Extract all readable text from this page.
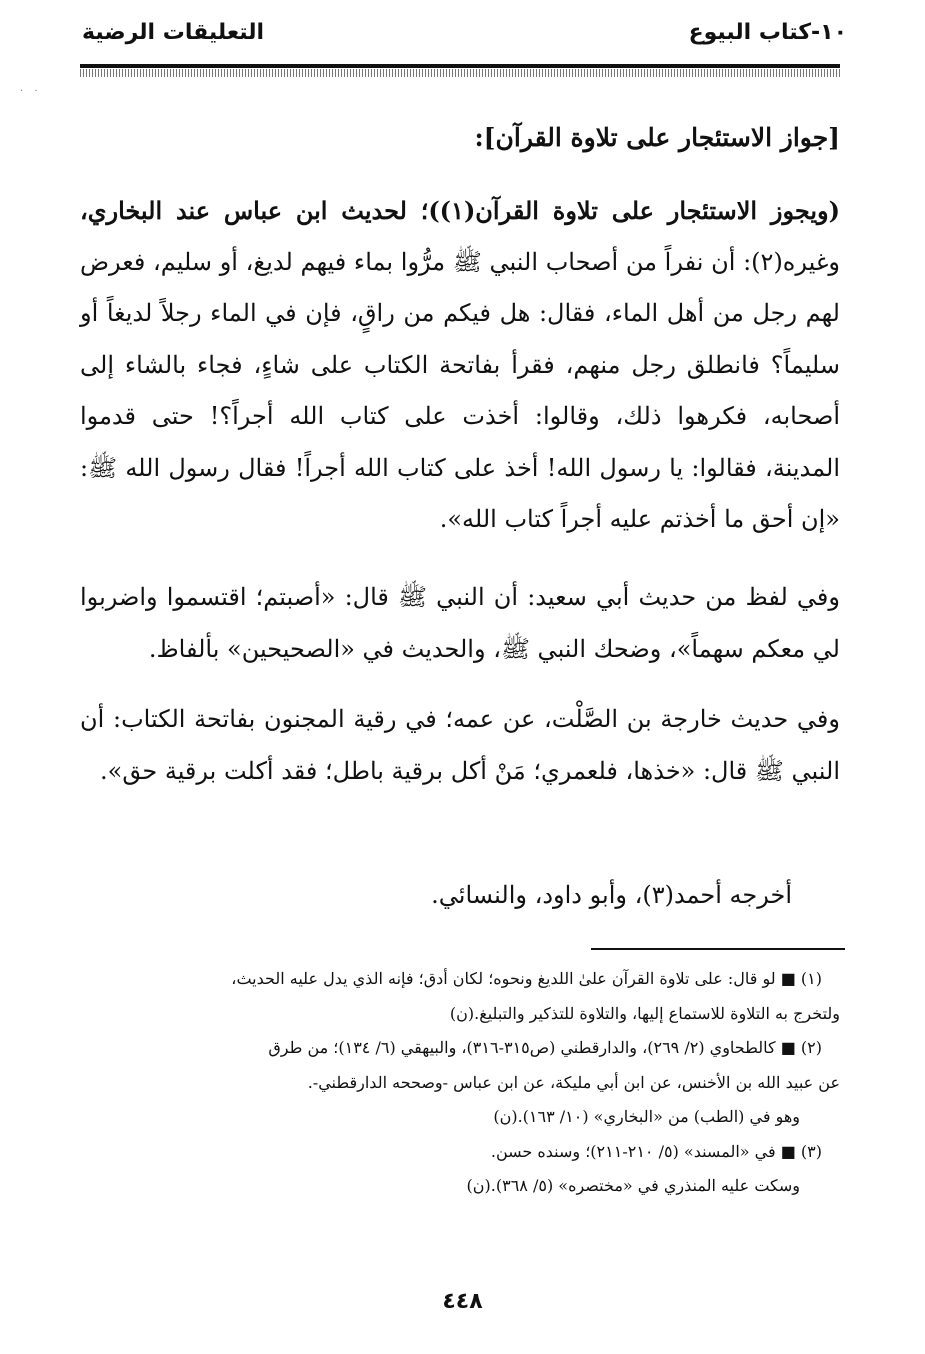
١٠-كتاب البيوع
التعليقات الرضية
· ·
[جواز الاستئجار على تلاوة القرآن]:
(ويجوز الاستئجار على تلاوة القرآن(١))؛ لحديث ابن عباس عند البخاري، وغيره(٢): أن نفراً من أصحاب النبي ﷺ مرُّوا بماء فيهم لديغ، أو سليم، فعرض لهم رجل من أهل الماء، فقال: هل فيكم من راقٍ، فإن في الماء رجلاً لديغاً أو سليماً؟ فانطلق رجل منهم، فقرأ بفاتحة الكتاب على شاءٍ، فجاء بالشاء إلى أصحابه، فكرهوا ذلك، وقالوا: أخذت على كتاب الله أجراً؟! حتى قدموا المدينة، فقالوا: يا رسول الله! أخذ على كتاب الله أجراً! فقال رسول الله ﷺ: «إن أحق ما أخذتم عليه أجراً كتاب الله».
وفي لفظ من حديث أبي سعيد: أن النبي ﷺ قال: «أصبتم؛ اقتسموا واضربوا لي معكم سهماً»، وضحك النبي ﷺ، والحديث في «الصحيحين» بألفاظ.
وفي حديث خارجة بن الصَّلْت، عن عمه؛ في رقية المجنون بفاتحة الكتاب: أن النبي ﷺ قال: «خذها، فلعمري؛ مَنْ أكل برقية باطل؛ فقد أكلت برقية حق».
أخرجه أحمد(٣)، وأبو داود، والنسائي.
(١) ■ لو قال: على تلاوة القرآن علىٰ اللديغ ونحوه؛ لكان أدق؛ فإنه الذي يدل عليه الحديث،
ولتخرج به التلاوة للاستماع إليها، والتلاوة للتذكير والتبليغ.(ن)
(٢) ■ كالطحاوي (٢/ ٢٦٩)، والدارقطني (ص٣١٥-٣١٦)، والبيهقي (٦/ ١٣٤)؛ من طرق
عن عبيد الله بن الأخنس، عن ابن أبي مليكة، عن ابن عباس -وصححه الدارقطني-.
وهو في (الطب) من «البخاري» (١٠/ ١٦٣).(ن)
(٣) ■ في «المسند» (٥/ ٢١٠-٢١١)؛ وسنده حسن.
وسكت عليه المنذري في «مختصره» (٥/ ٣٦٨).(ن)
٤٤٨
